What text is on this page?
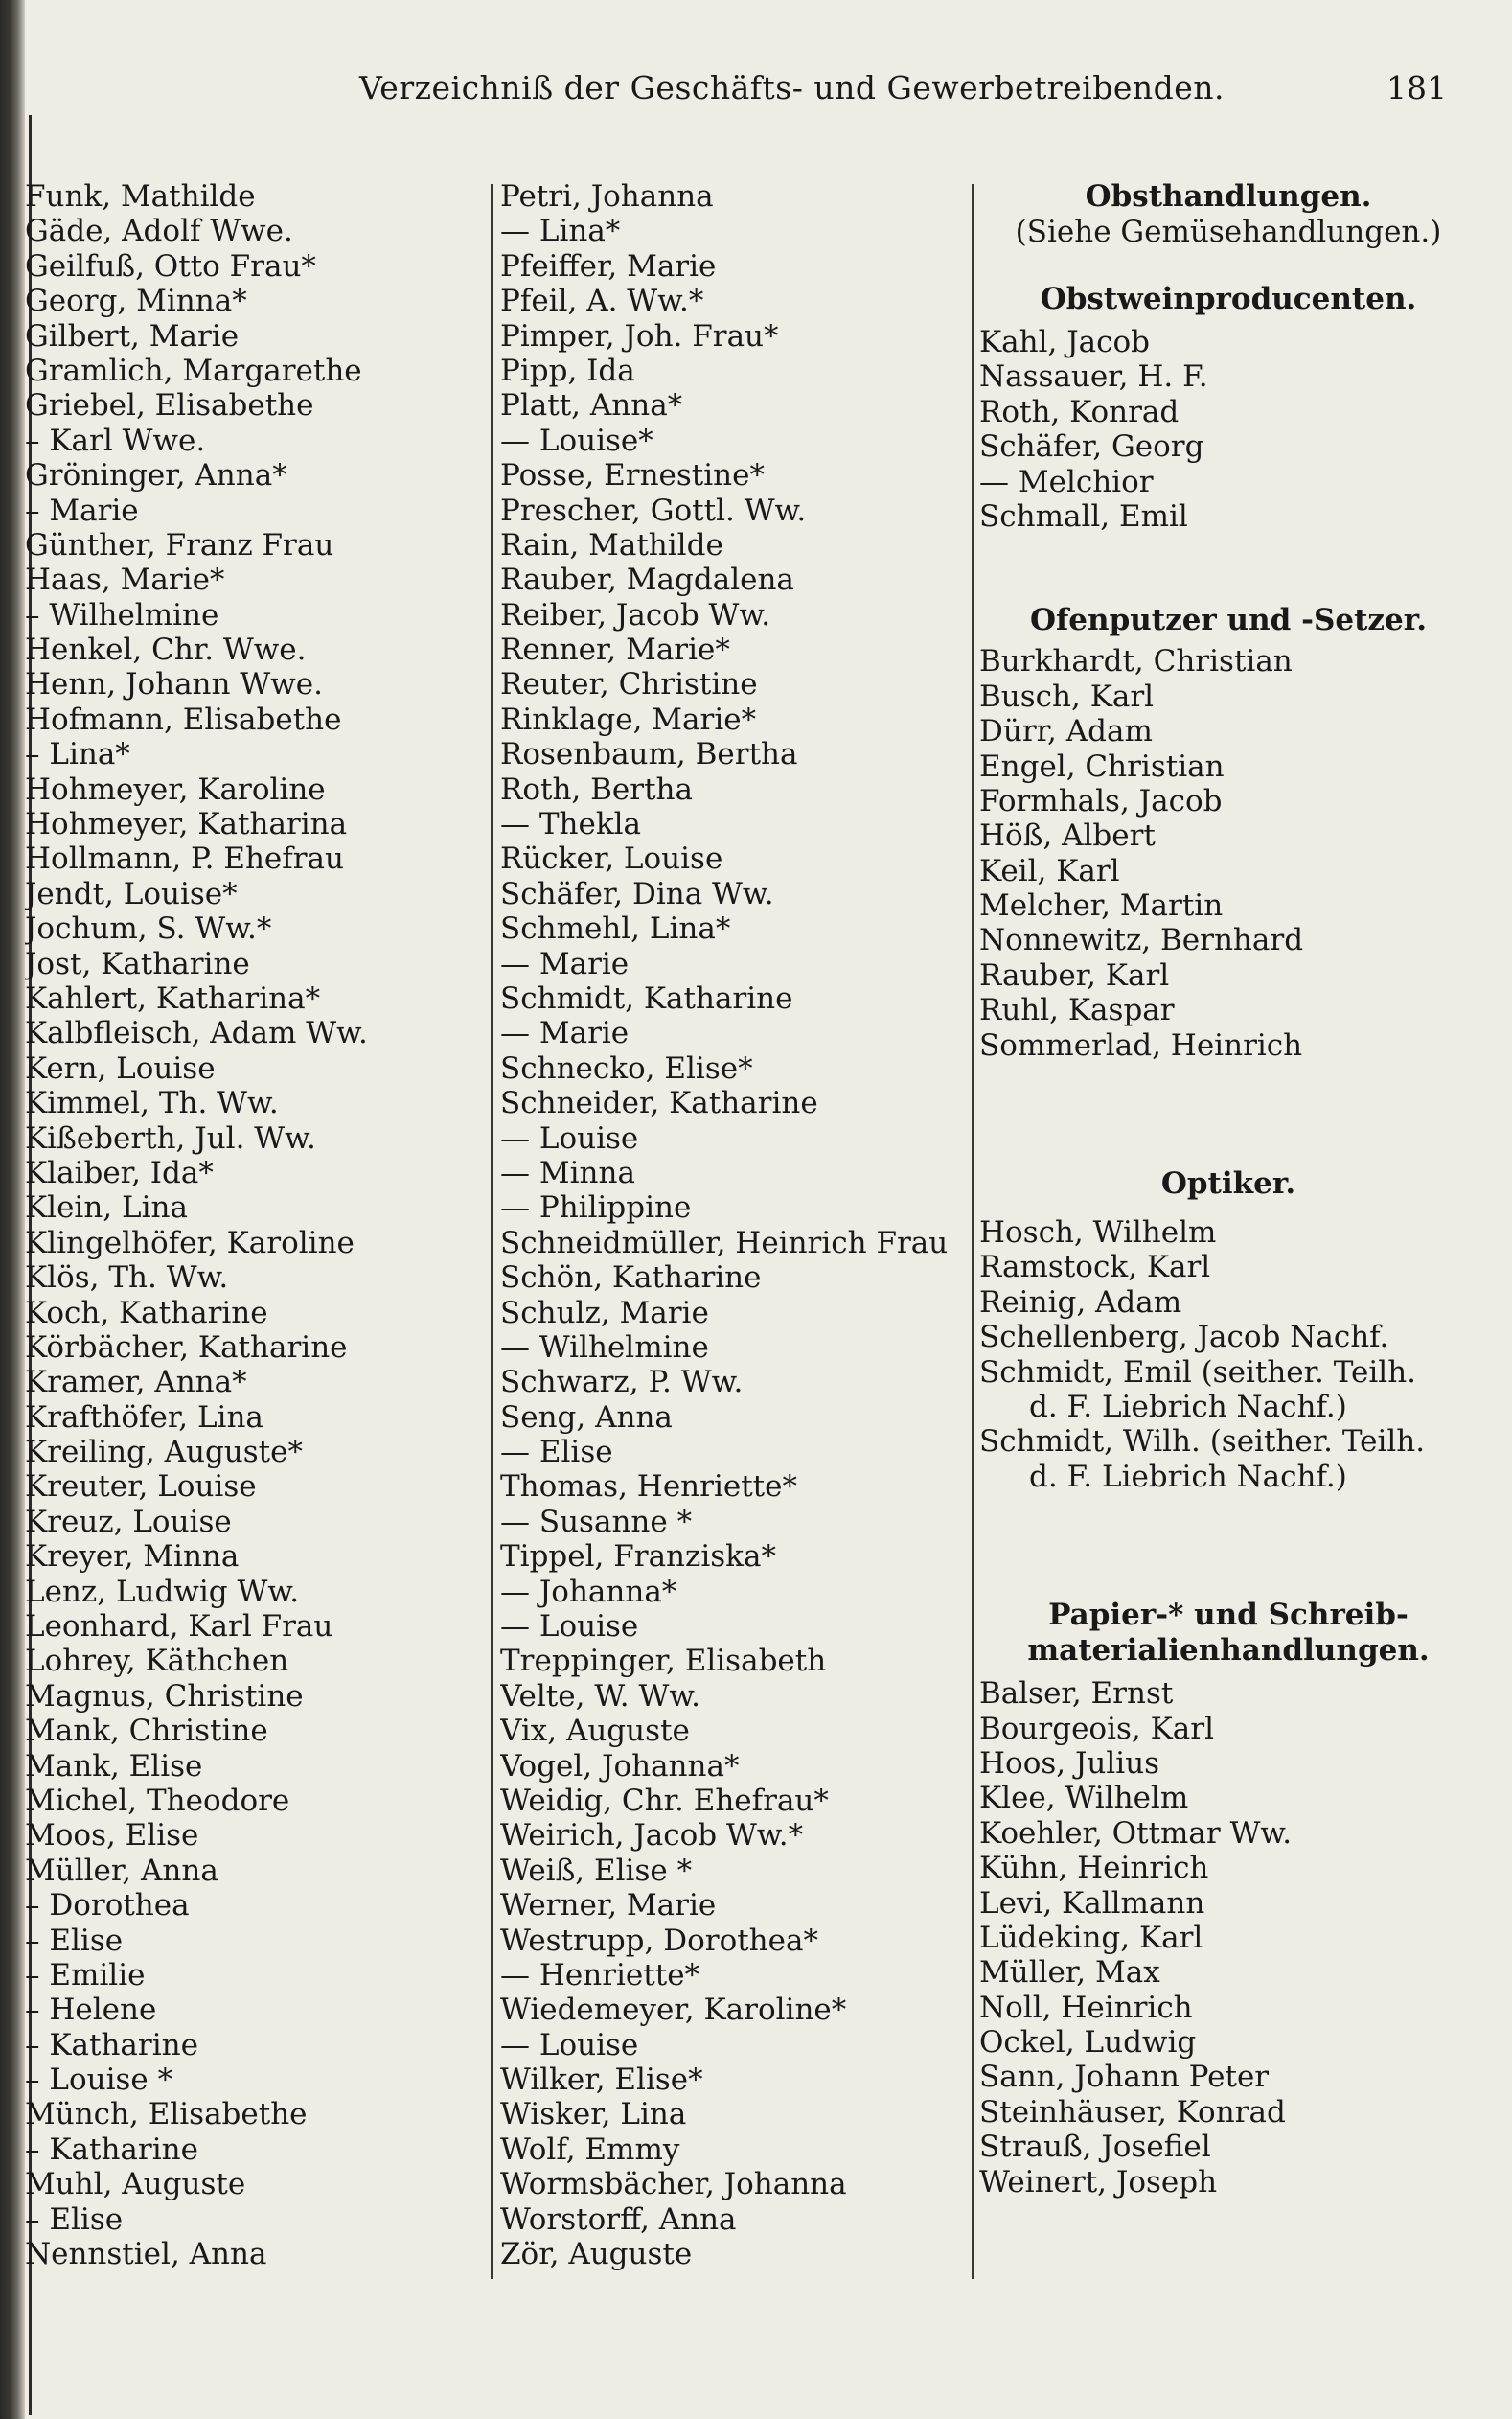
Verzeichniß der Geschäfts- und Gewerbetreibenden.	181
Funk, Mathilde
Gäde, Adolf Wwe.
Geilfuß, Otto Frau*
Georg, Minna*
Gilbert, Marie
Gramlich, Margarethe
Griebel, Elisabethe
– Karl Wwe.
Gröninger, Anna*
– Marie
Günther, Franz Frau
Haas, Marie*
– Wilhelmine
Henkel, Chr. Wwe.
Henn, Johann Wwe.
Hofmann, Elisabethe
– Lina*
Hohmeyer, Karoline
Hohmeyer, Katharina
Hollmann, P. Ehefrau
Jendt, Louise*
Jochum, S. Ww.*
Jost, Katharine
Kahlert, Katharina*
Kalbfleisch, Adam Ww.
Kern, Louise
Kimmel, Th. Ww.
Kißeberth, Jul. Ww.
Klaiber, Ida*
Klein, Lina
Klingelhöfer, Karoline
Klös, Th. Ww.
Koch, Katharine
Körbächer, Katharine
Kramer, Anna*
Krafthöfer, Lina
Kreiling, Auguste*
Kreuter, Louise
Kreuz, Louise
Kreyer, Minna
Lenz, Ludwig Ww.
Leonhard, Karl Frau
Lohrey, Käthchen
Magnus, Christine
Mank, Christine
Mank, Elise
Michel, Theodore
Moos, Elise
Müller, Anna
– Dorothea
– Elise
– Emilie
– Helene
– Katharine
– Louise *
Münch, Elisabethe
– Katharine
Muhl, Auguste
– Elise
Nennstiel, Anna
Petri, Johanna
— Lina*
Pfeiffer, Marie
Pfeil, A. Ww.*
Pimper, Joh. Frau*
Pipp, Ida
Platt, Anna*
— Louise*
Posse, Ernestine*
Prescher, Gottl. Ww.
Rain, Mathilde
Rauber, Magdalena
Reiber, Jacob Ww.
Renner, Marie*
Reuter, Christine
Rinklage, Marie*
Rosenbaum, Bertha
Roth, Bertha
— Thekla
Rücker, Louise
Schäfer, Dina Ww.
Schmehl, Lina*
— Marie
Schmidt, Katharine
— Marie
Schnecko, Elise*
Schneider, Katharine
— Louise
— Minna
— Philippine
Schneidmüller, Heinrich Frau
Schön, Katharine
Schulz, Marie
— Wilhelmine
Schwarz, P. Ww.
Seng, Anna
— Elise
Thomas, Henriette*
— Susanne *
Tippel, Franziska*
— Johanna*
— Louise
Treppinger, Elisabeth
Velte, W. Ww.
Vix, Auguste
Vogel, Johanna*
Weidig, Chr. Ehefrau*
Weirich, Jacob Ww.*
Weiß, Elise *
Werner, Marie
Westrupp, Dorothea*
— Henriette*
Wiedemeyer, Karoline*
— Louise
Wilker, Elise*
Wisker, Lina
Wolf, Emmy
Wormsbächer, Johanna
Worstorff, Anna
Zör, Auguste
Obsthandlungen.
(Siehe Gemüsehandlungen.)
Obstweinproducenten.
Kahl, Jacob
Nassauer, H. F.
Roth, Konrad
Schäfer, Georg
— Melchior
Schmall, Emil
Ofenputzer und -Setzer.
Burkhardt, Christian
Busch, Karl
Dürr, Adam
Engel, Christian
Formhals, Jacob
Höß, Albert
Keil, Karl
Melcher, Martin
Nonnewitz, Bernhard
Rauber, Karl
Ruhl, Kaspar
Sommerlad, Heinrich
Optiker.
Hosch, Wilhelm
Ramstock, Karl
Reinig, Adam
Schellenberg, Jacob Nachf.
Schmidt, Emil (seither. Teilh.
d. F. Liebrich Nachf.)
Schmidt, Wilh. (seither. Teilh.
d. F. Liebrich Nachf.)
Papier-* und Schreib-
materialienhandlungen.
Balser, Ernst
Bourgeois, Karl
Hoos, Julius
Klee, Wilhelm
Koehler, Ottmar Ww.
Kühn, Heinrich
Levi, Kallmann
Lüdeking, Karl
Müller, Max
Noll, Heinrich
Ockel, Ludwig
Sann, Johann Peter
Steinhäuser, Konrad
Strauß, Josefiel
Weinert, Joseph
